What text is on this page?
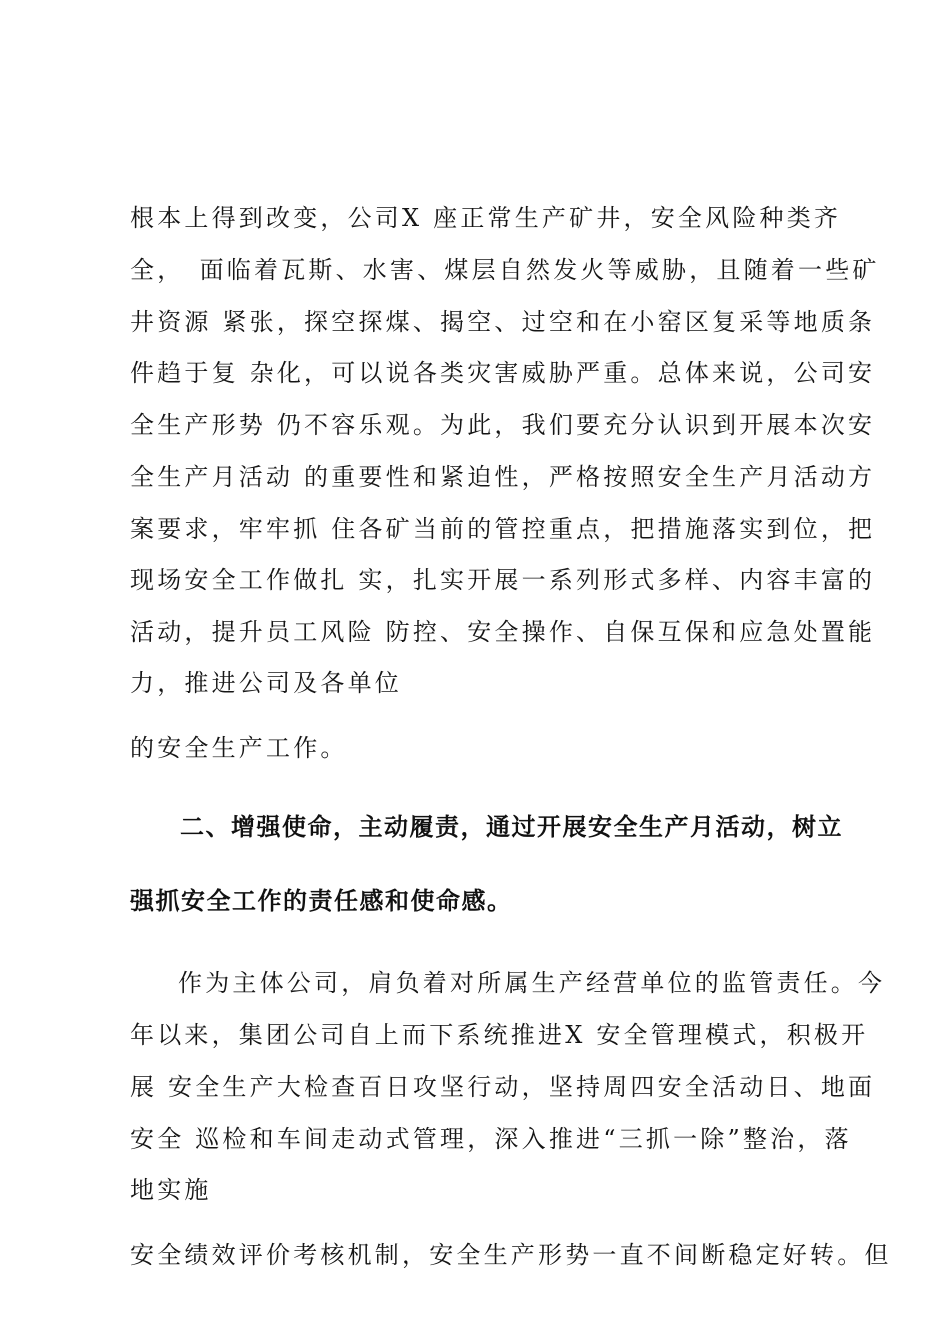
根本上得到改变，公司X 座正常生产矿井，安全风险种类齐
全，　面临着瓦斯、水害、煤层自然发火等威胁，且随着一些矿
井资源 紧张，探空探煤、揭空、过空和在小窑区复采等地质条
件趋于复 杂化，可以说各类灾害威胁严重。总体来说，公司安
全生产形势 仍不容乐观。为此，我们要充分认识到开展本次安
全生产月活动 的重要性和紧迫性，严格按照安全生产月活动方
案要求，牢牢抓 住各矿当前的管控重点，把措施落实到位，把
现场安全工作做扎 实，扎实开展一系列形式多样、内容丰富的
活动，提升员工风险 防控、安全操作、自保互保和应急处置能
力，推进公司及各单位
的安全生产工作。
二、增强使命，主动履责，通过开展安全生产月活动，树立
强抓安全工作的责任感和使命感。
作为主体公司，肩负着对所属生产经营单位的监管责任。今
年以来，集团公司自上而下系统推进X 安全管理模式，积极开
展 安全生产大检查百日攻坚行动，坚持周四安全活动日、地面
安全 巡检和车间走动式管理，深入推进“三抓一除”整治，落
地实施
安全绩效评价考核机制，安全生产形势一直不间断稳定好转。但
